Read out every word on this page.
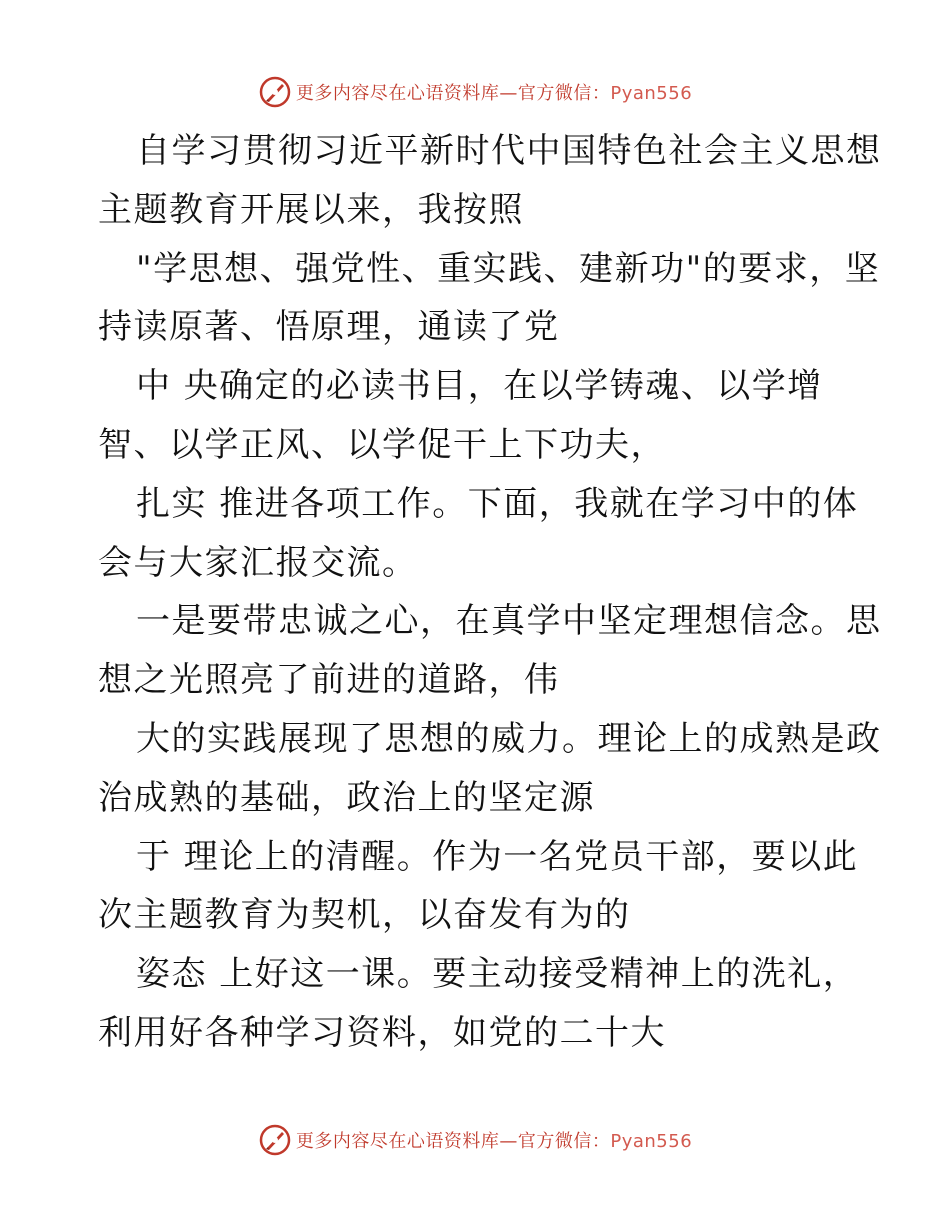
更多内容尽在心语资料库—官方微信：Pyan556
自学习贯彻习近平新时代中国特色社会主义思想
主题教育开展以来，我按照
"学思想、强党性、重实践、建新功"的要求，坚
持读原著、悟原理，通读了党
中 央确定的必读书目，在以学铸魂、以学增
智、以学正风、以学促干上下功夫，
扎实 推进各项工作。下面，我就在学习中的体
会与大家汇报交流。
一是要带忠诚之心，在真学中坚定理想信念。思
想之光照亮了前进的道路，伟
大的实践展现了思想的威力。理论上的成熟是政
治成熟的基础，政治上的坚定源
于 理论上的清醒。作为一名党员干部，要以此
次主题教育为契机，以奋发有为的
姿态 上好这一课。要主动接受精神上的洗礼，
利用好各种学习资料，如党的二十大
更多内容尽在心语资料库—官方微信：Pyan556
